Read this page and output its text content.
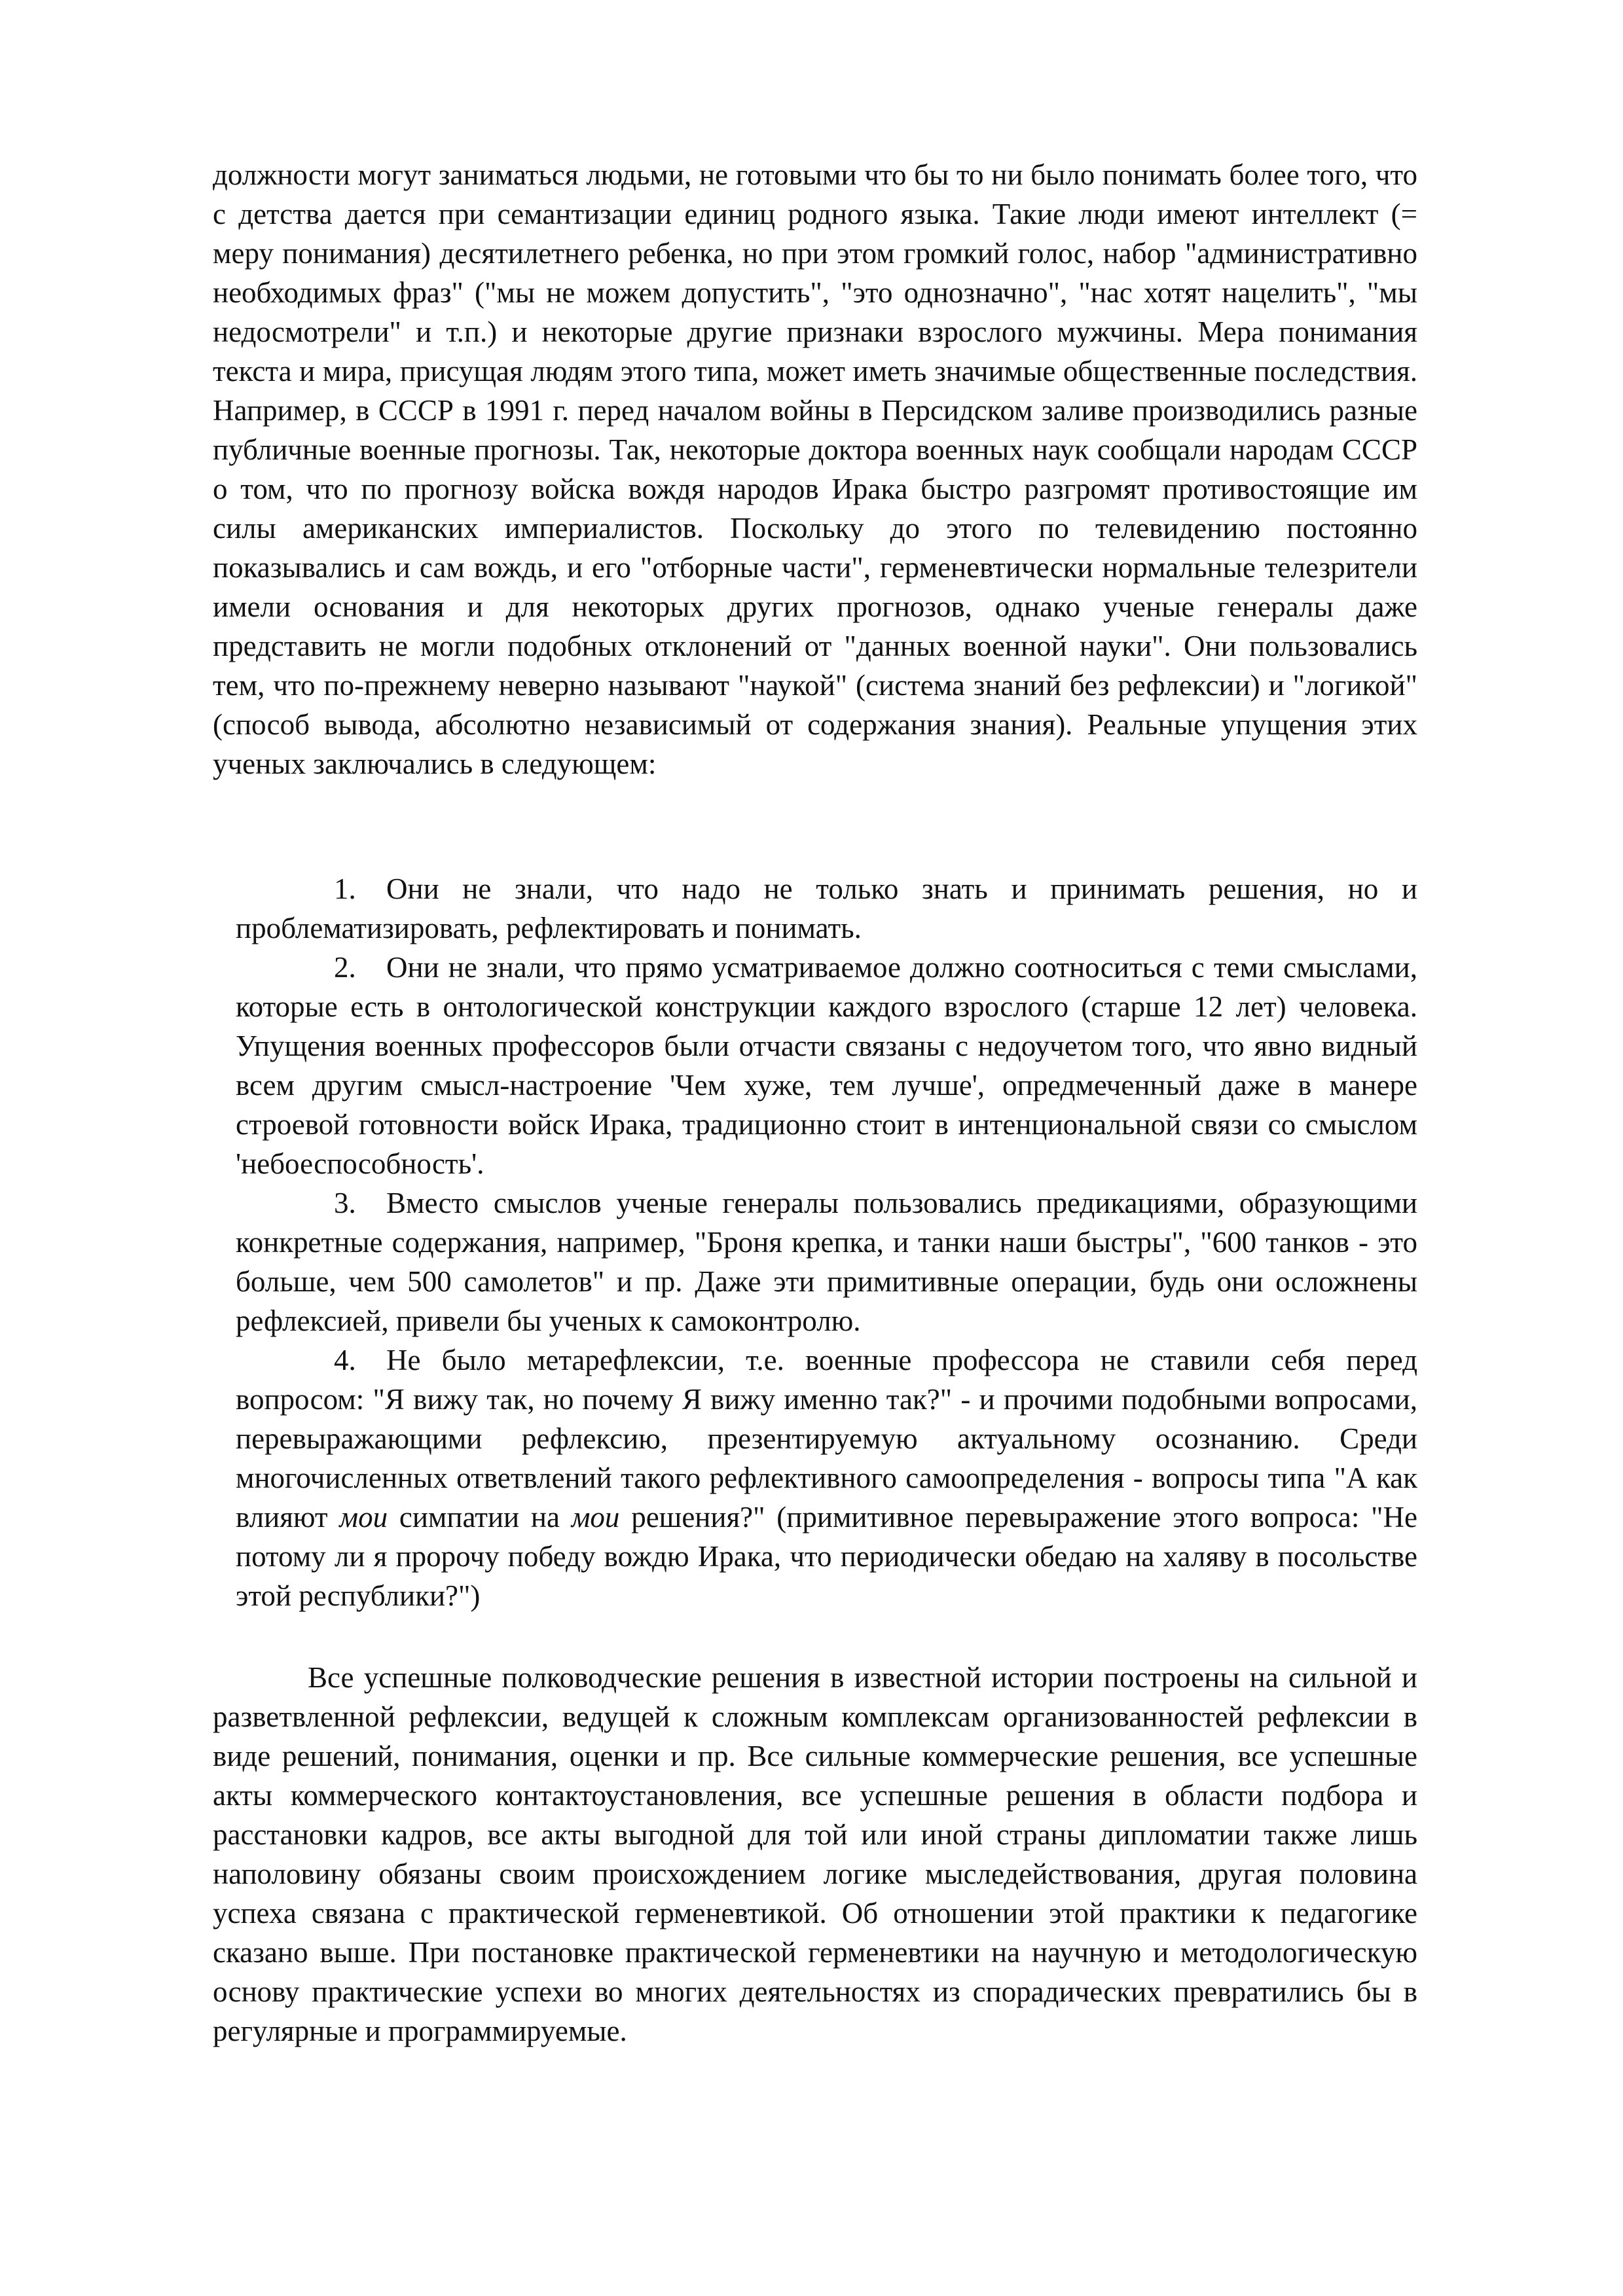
должности могут заниматься людьми, не готовыми что бы то ни было понимать более того, что с детства дается при семантизации единиц родного языка. Такие люди имеют интеллект (= меру понимания) десятилетнего ребенка, но при этом громкий голос, набор "административно необходимых фраз" ("мы не можем допустить", "это однозначно", "нас хотят нацелить", "мы недосмотрели" и т.п.) и некоторые другие признаки взрослого мужчины. Мера понимания текста и мира, присущая людям этого типа, может иметь значимые общественные последствия. Например, в СССР в 1991 г. перед началом войны в Персидском заливе производились разные публичные военные прогнозы. Так, некоторые доктора военных наук сообщали народам СССР о том, что по прогнозу войска вождя народов Ирака быстро разгромят противостоящие им силы американских империалистов. Поскольку до этого по телевидению постоянно показывались и сам вождь, и его "отборные части", герменевтически нормальные телезрители имели основания и для некоторых других прогнозов, однако ученые генералы даже представить не могли подобных отклонений от "данных военной науки". Они пользовались тем, что по-прежнему неверно называют "наукой" (система знаний без рефлексии) и "логикой" (способ вывода, абсолютно независимый от содержания знания). Реальные упущения этих ученых заключались в следующем:

1. Они не знали, что надо не только знать и принимать решения, но и проблематизировать, рефлектировать и понимать.
2. Они не знали, что прямо усматриваемое должно соотноситься с теми смыслами, которые есть в онтологической конструкции каждого взрослого (старше 12 лет) человека. Упущения военных профессоров были отчасти связаны с недоучетом того, что явно видный всем другим смысл-настроение 'Чем хуже, тем лучше', опредмеченный даже в манере строевой готовности войск Ирака, традиционно стоит в интенциональной связи со смыслом 'небоеспособность'.
3. Вместо смыслов ученые генералы пользовались предикациями, образующими конкретные содержания, например, "Броня крепка, и танки наши быстры", "600 танков - это больше, чем 500 самолетов" и пр. Даже эти примитивные операции, будь они осложнены рефлексией, привели бы ученых к самоконтролю.
4. Не было метарефлексии, т.е. военные профессора не ставили себя перед вопросом: "Я вижу так, но почему Я вижу именно так?" - и прочими подобными вопросами, перевыражающими рефлексию, презентируемую актуальному осознанию. Среди многочисленных ответвлений такого рефлективного самоопределения - вопросы типа "А как влияют мои симпатии на мои решения?" (примитивное перевыражение этого вопроса: "Не потому ли я пророчу победу вождю Ирака, что периодически обедаю на халяву в посольстве этой республики?")

Все успешные полководческие решения в известной истории построены на сильной и разветвленной рефлексии, ведущей к сложным комплексам организованностей рефлексии в виде решений, понимания, оценки и пр. Все сильные коммерческие решения, все успешные акты коммерческого контактоустановления, все успешные решения в области подбора и расстановки кадров, все акты выгодной для той или иной страны дипломатии также лишь наполовину обязаны своим происхождением логике мыследействования, другая половина успеха связана с практической герменевтикой. Об отношении этой практики к педагогике сказано выше. При постановке практической герменевтики на научную и методологическую основу практические успехи во многих деятельностях из спорадических превратились бы в регулярные и программируемые.
